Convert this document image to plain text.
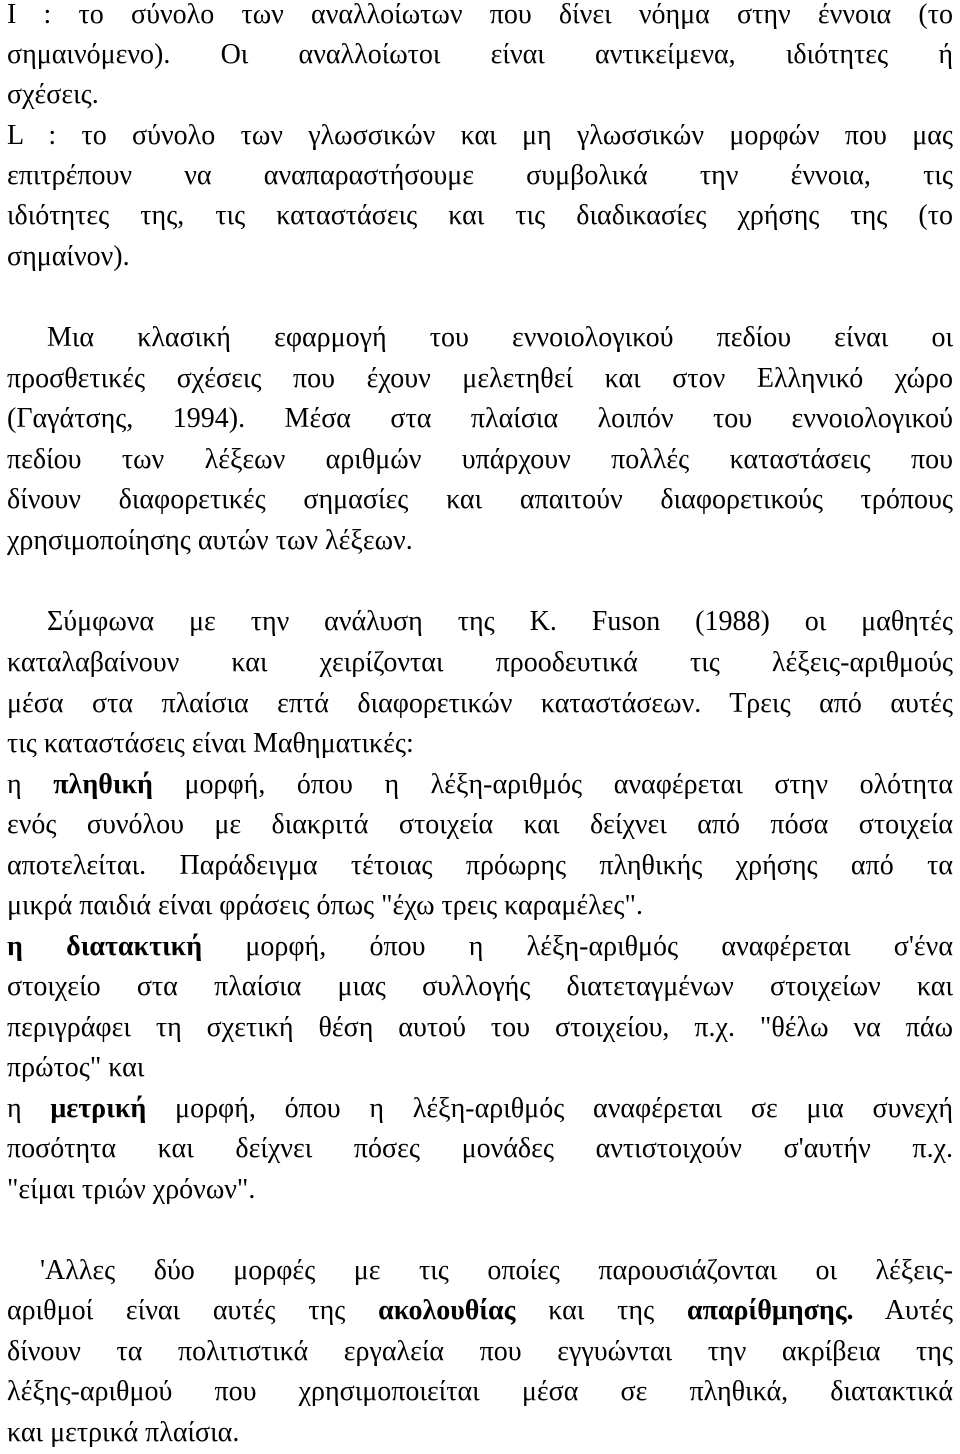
I : το σύνολο των αναλλοίωτων που δίνει νόημα στην έννοια (το
σημαινόμενο). Οι αναλλοίωτοι είναι αντικείμενα, ιδιότητες ή
σχέσεις.
L : το σύνολο των γλωσσικών και μη γλωσσικών μορφών που μας
επιτρέπουν να αναπαραστήσουμε συμβολικά την έννοια, τις
ιδιότητες της, τις καταστάσεις και τις διαδικασίες χρήσης της (το
σημαίνον).
Μια κλασική εφαρμογή του εννοιολογικού πεδίου είναι οι
προσθετικές σχέσεις που έχουν μελετηθεί και στον Ελληνικό χώρο
(Γαγάτσης, 1994). Μέσα στα πλαίσια λοιπόν του εννοιολογικού
πεδίου των λέξεων αριθμών υπάρχουν πολλές καταστάσεις που
δίνουν διαφορετικές σημασίες και απαιτούν διαφορετικούς τρόπους
χρησιμοποίησης αυτών των λέξεων.
Σύμφωνα με την ανάλυση της K. Fuson (1988) οι μαθητές
καταλαβαίνουν και χειρίζονται προοδευτικά τις λέξεις-αριθμούς
μέσα στα πλαίσια επτά διαφορετικών καταστάσεων. Τρεις από αυτές
τις καταστάσεις είναι Μαθηματικές:
η πληθική μορφή, όπου η λέξη-αριθμός αναφέρεται στην ολότητα
ενός συνόλου με διακριτά στοιχεία και δείχνει από πόσα στοιχεία
αποτελείται. Παράδειγμα τέτοιας πρόωρης πληθικής χρήσης από τα
μικρά παιδιά είναι φράσεις όπως "έχω τρεις καραμέλες".
η διατακτική μορφή, όπου η λέξη-αριθμός αναφέρεται σ'ένα
στοιχείο στα πλαίσια μιας συλλογής διατεταγμένων στοιχείων και
περιγράφει τη σχετική θέση αυτού του στοιχείου, π.χ. "θέλω να πάω
πρώτος" και
η μετρική μορφή, όπου η λέξη-αριθμός αναφέρεται σε μια συνεχή
ποσότητα και δείχνει πόσες μονάδες αντιστοιχούν σ'αυτήν π.χ.
"είμαι τριών χρόνων".
'Αλλες δύο μορφές με τις οποίες παρουσιάζονται οι λέξεις-
αριθμοί είναι αυτές της ακολουθίας και της απαρίθμησης. Αυτές
δίνουν τα πολιτιστικά εργαλεία που εγγυώνται την ακρίβεια της
λέξης-αριθμού που χρησιμοποιείται μέσα σε πληθικά, διατακτικά
και μετρικά πλαίσια.
